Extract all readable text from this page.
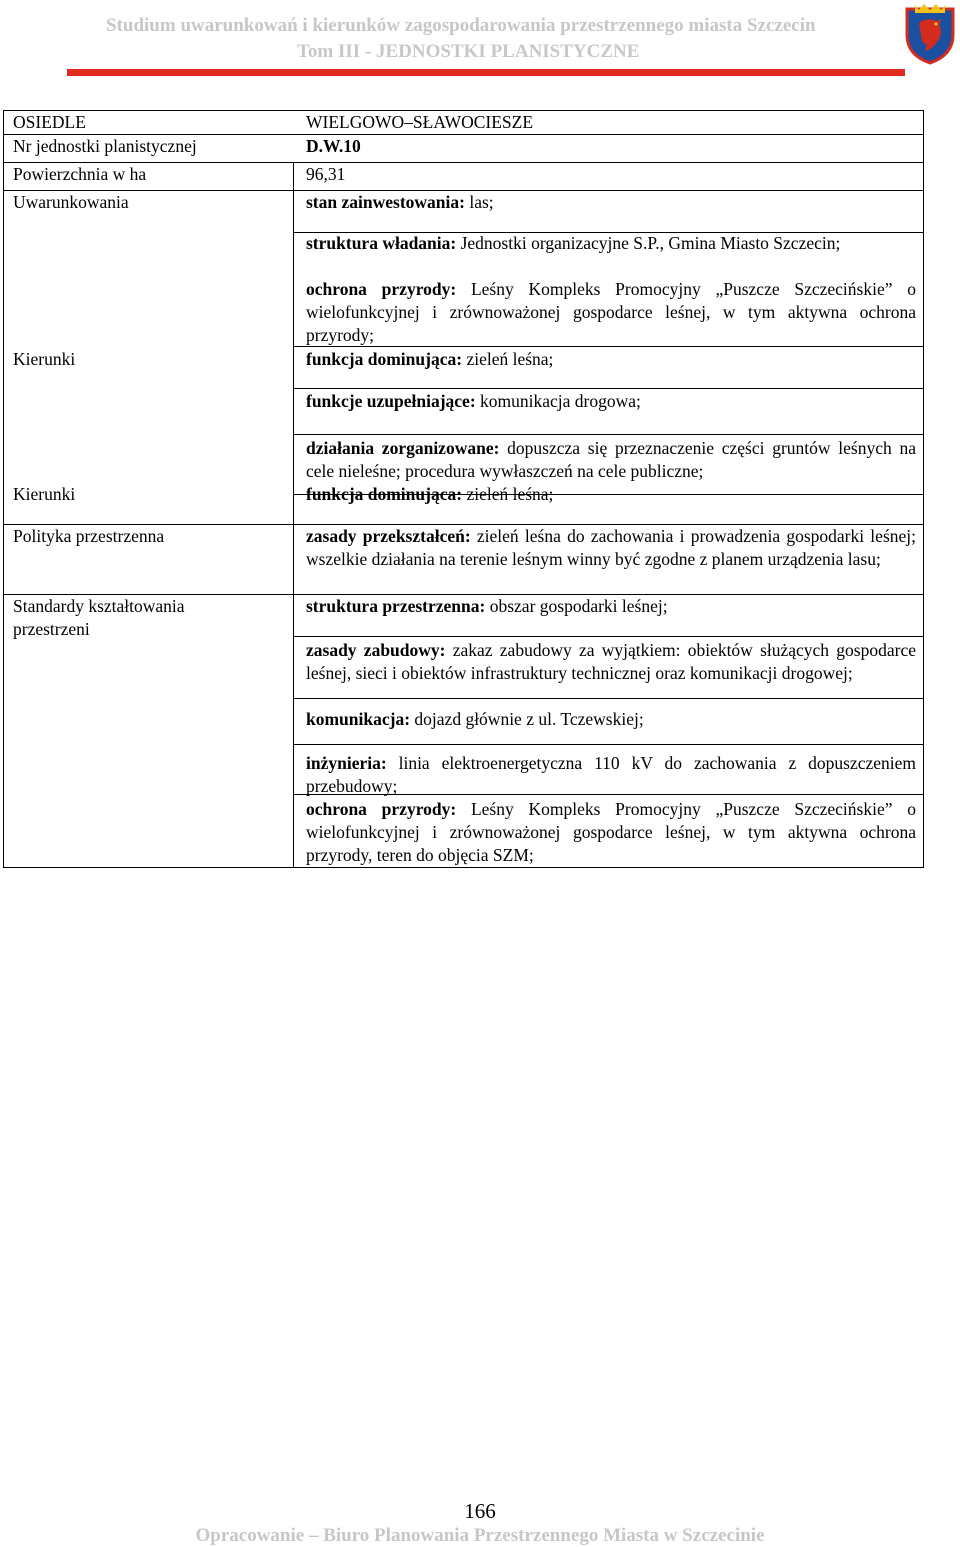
Studium uwarunkowań i kierunków zagospodarowania przestrzennego miasta Szczecin
Tom III - JEDNOSTKI PLANISTYCZNE
OSIEDLE
Nr jednostki planistycznej
Powierzchnia w ha
Uwarunkowania
Kierunki
Kierunki
Polityka przestrzenna
Standardy kształtowania przestrzeni
WIELGOWO–SŁAWOCIESZE
D.W.10
96,31
stan zainwestowania: las;
struktura władania: Jednostki organizacyjne S.P., Gmina Miasto Szczecin;
ochrona przyrody: Leśny Kompleks Promocyjny „Puszcze Szczecińskie” o wielofunkcyjnej i zrównoważonej gospodarce leśnej, w tym aktywna ochrona przyrody;
funkcja dominująca: zieleń leśna;
funkcje uzupełniające: komunikacja drogowa;
działania zorganizowane: dopuszcza się przeznaczenie części gruntów leśnych na cele nieleśne; procedura wywłaszczeń na cele publiczne;
funkcja dominująca: zieleń leśna;
zasady przekształceń: zieleń leśna do zachowania i prowadzenia gospodarki leśnej; wszelkie działania na terenie leśnym winny być zgodne z planem urządzenia lasu;
struktura przestrzenna: obszar gospodarki leśnej;
zasady zabudowy: zakaz zabudowy za wyjątkiem: obiektów służących gospodarce leśnej, sieci i obiektów infrastruktury technicznej oraz komunikacji drogowej;
komunikacja: dojazd głównie z ul. Tczewskiej;
inżynieria: linia elektroenergetyczna 110 kV do zachowania z dopuszczeniem przebudowy;
ochrona przyrody: Leśny Kompleks Promocyjny „Puszcze Szczecińskie” o wielofunkcyjnej i zrównoważonej gospodarce leśnej, w tym aktywna ochrona przyrody, teren do objęcia SZM;
166
Opracowanie – Biuro Planowania Przestrzennego Miasta w Szczecinie
